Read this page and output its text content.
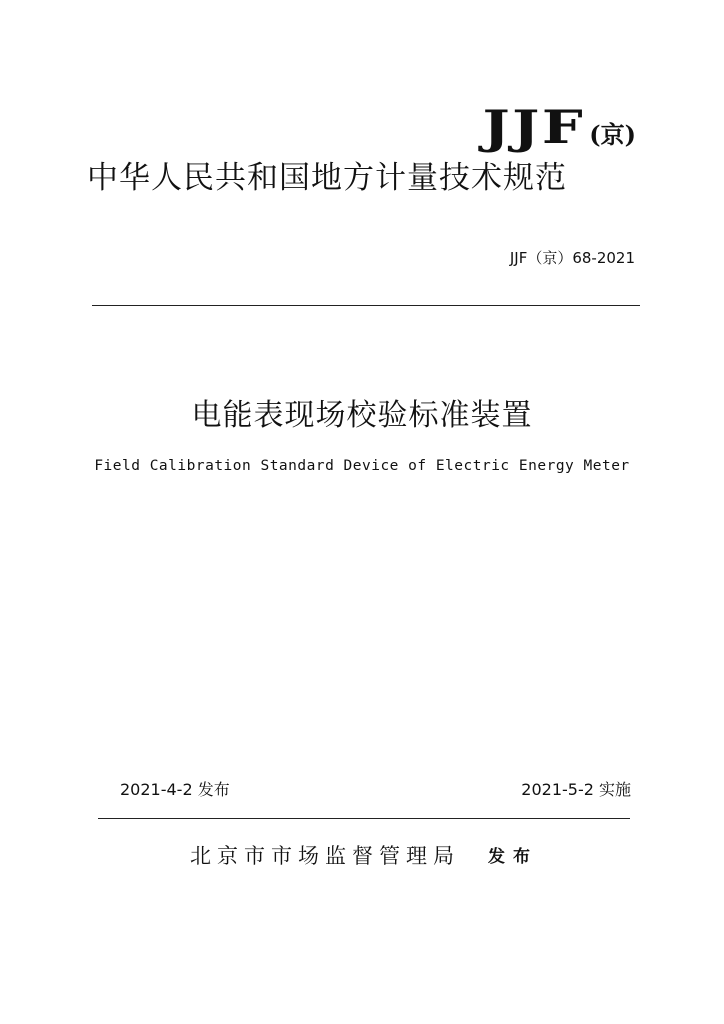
JJF (京)
中华人民共和国地方计量技术规范
JJF（京）68-2021
电能表现场校验标准装置
Field Calibration Standard Device of Electric Energy Meter
2021-4-2 发布	2021-5-2 实施
北京市市场监督管理局 发布
